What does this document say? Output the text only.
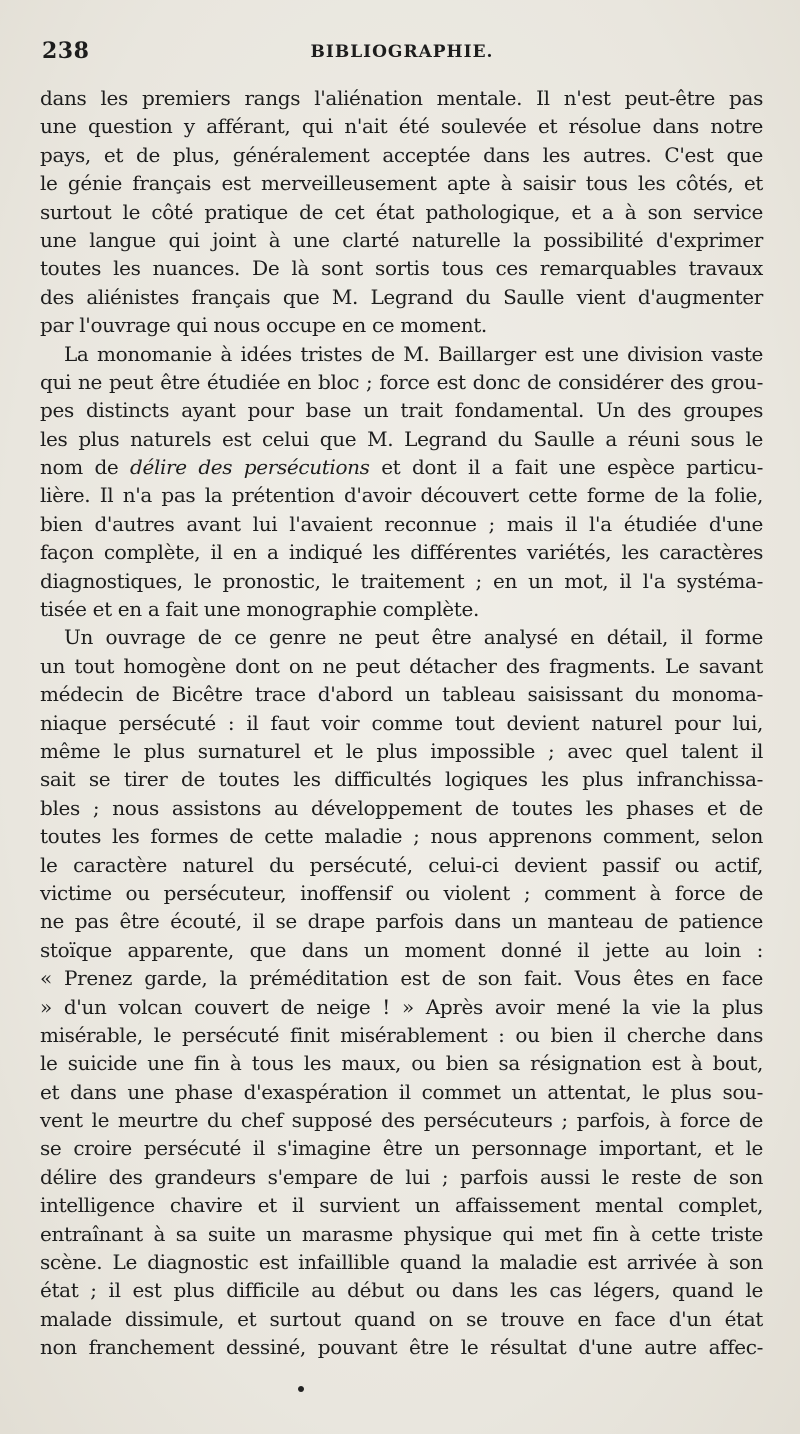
238	BIBLIOGRAPHIE.
dans les premiers rangs l'aliénation mentale. Il n'est peut-être pas
une question y afférant, qui n'ait été soulevée et résolue dans notre
pays, et de plus, généralement acceptée dans les autres. C'est que
le génie français est merveilleusement apte à saisir tous les côtés, et
surtout le côté pratique de cet état pathologique, et a à son service
une langue qui joint à une clarté naturelle la possibilité d'exprimer
toutes les nuances. De là sont sortis tous ces remarquables travaux
des aliénistes français que M. Legrand du Saulle vient d'augmenter
par l'ouvrage qui nous occupe en ce moment.
La monomanie à idées tristes de M. Baillarger est une division vaste
qui ne peut être étudiée en bloc ; force est donc de considérer des grou-
pes distincts ayant pour base un trait fondamental. Un des groupes
les plus naturels est celui que M. Legrand du Saulle a réuni sous le
nom de délire des persécutions et dont il a fait une espèce particu-
lière. Il n'a pas la prétention d'avoir découvert cette forme de la folie,
bien d'autres avant lui l'avaient reconnue ; mais il l'a étudiée d'une
façon complète, il en a indiqué les différentes variétés, les caractères
diagnostiques, le pronostic, le traitement ; en un mot, il l'a systéma-
tisée et en a fait une monographie complète.
Un ouvrage de ce genre ne peut être analysé en détail, il forme
un tout homogène dont on ne peut détacher des fragments. Le savant
médecin de Bicêtre trace d'abord un tableau saisissant du monoma-
niaque persécuté : il faut voir comme tout devient naturel pour lui,
même le plus surnaturel et le plus impossible ; avec quel talent il
sait se tirer de toutes les difficultés logiques les plus infranchissa-
bles ; nous assistons au développement de toutes les phases et de
toutes les formes de cette maladie ; nous apprenons comment, selon
le caractère naturel du persécuté, celui-ci devient passif ou actif,
victime ou persécuteur, inoffensif ou violent ; comment à force de
ne pas être écouté, il se drape parfois dans un manteau de patience
stoïque apparente, que dans un moment donné il jette au loin :
« Prenez garde, la préméditation est de son fait. Vous êtes en face
» d'un volcan couvert de neige ! » Après avoir mené la vie la plus
misérable, le persécuté finit misérablement : ou bien il cherche dans
le suicide une fin à tous les maux, ou bien sa résignation est à bout,
et dans une phase d'exaspération il commet un attentat, le plus sou-
vent le meurtre du chef supposé des persécuteurs ; parfois, à force de
se croire persécuté il s'imagine être un personnage important, et le
délire des grandeurs s'empare de lui ; parfois aussi le reste de son
intelligence chavire et il survient un affaissement mental complet,
entraînant à sa suite un marasme physique qui met fin à cette triste
scène. Le diagnostic est infaillible quand la maladie est arrivée à son
état ; il est plus difficile au début ou dans les cas légers, quand le
malade dissimule, et surtout quand on se trouve en face d'un état
non franchement dessiné, pouvant être le résultat d'une autre affec-
